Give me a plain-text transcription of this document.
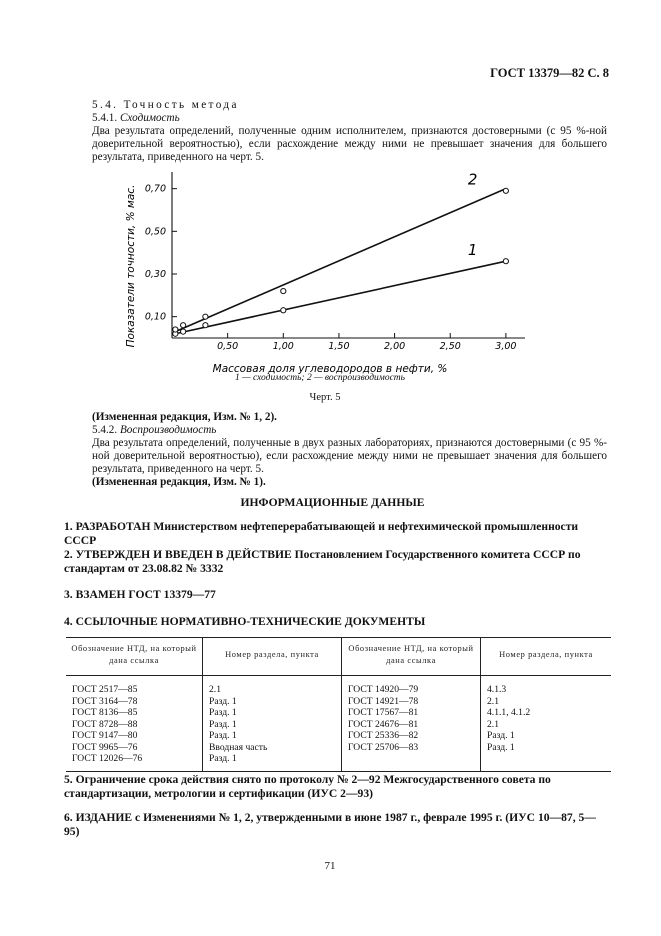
ГОСТ 13379—82 С. 8
5.4. Точность метода
5.4.1. Сходимость
Два результата определений, полученные одним исполнителем, признаются достоверными (с 95 %-ной доверительной вероятностью), если расхождение между ними не превышает значения для большего результата, приведенного на черт. 5.
0,50	1,00	1,50	2,00	2,50	3,00
0,10
0,30
0,50
0,70
1
2
Показатели точности, % мас.
Массовая доля углеводородов в нефти, %
1 — сходимость; 2 — воспроизводимость
Черт. 5
(Измененная редакция, Изм. № 1, 2).
5.4.2. Воспроизводимость
Два результата определений, полученные в двух разных лабораториях, признаются достоверными (с 95 %-ной доверительной вероятностью), если расхождение между ними не превышает значения для большего результата, приведенного на черт. 5.
(Измененная редакция, Изм. № 1).
ИНФОРМАЦИОННЫЕ ДАННЫЕ
1. РАЗРАБОТАН Министерством нефтеперерабатывающей и нефтехимической промышленности СССР
2. УТВЕРЖДЕН И ВВЕДЕН В ДЕЙСТВИЕ Постановлением Государственного комитета СССР по стандартам от 23.08.82 № 3332
3. ВЗАМЕН ГОСТ 13379—77
4. ССЫЛОЧНЫЕ НОРМАТИВНО-ТЕХНИЧЕСКИЕ ДОКУМЕНТЫ
Обозначение НТД, на который дана ссылка	Номер раздела, пункта	Обозначение НТД, на который дана ссылка	Номер раздела, пункта
ГОСТ 2517—85	2.1	ГОСТ 14920—79	4.1.3
ГОСТ 3164—78	Разд. 1	ГОСТ 14921—78	2.1
ГОСТ 8136—85	Разд. 1	ГОСТ 17567—81	4.1.1, 4.1.2
ГОСТ 8728—88	Разд. 1	ГОСТ 24676—81	2.1
ГОСТ 9147—80	Разд. 1	ГОСТ 25336—82	Разд. 1
ГОСТ 9965—76	Вводная часть	ГОСТ 25706—83	Разд. 1
ГОСТ 12026—76	Разд. 1		
5. Ограничение срока действия снято по протоколу № 2—92 Межгосударственного совета по стандартизации, метрологии и сертификации (ИУС 2—93)
6. ИЗДАНИЕ с Изменениями № 1, 2, утвержденными в июне 1987 г., феврале 1995 г. (ИУС 10—87, 5—95)
71
